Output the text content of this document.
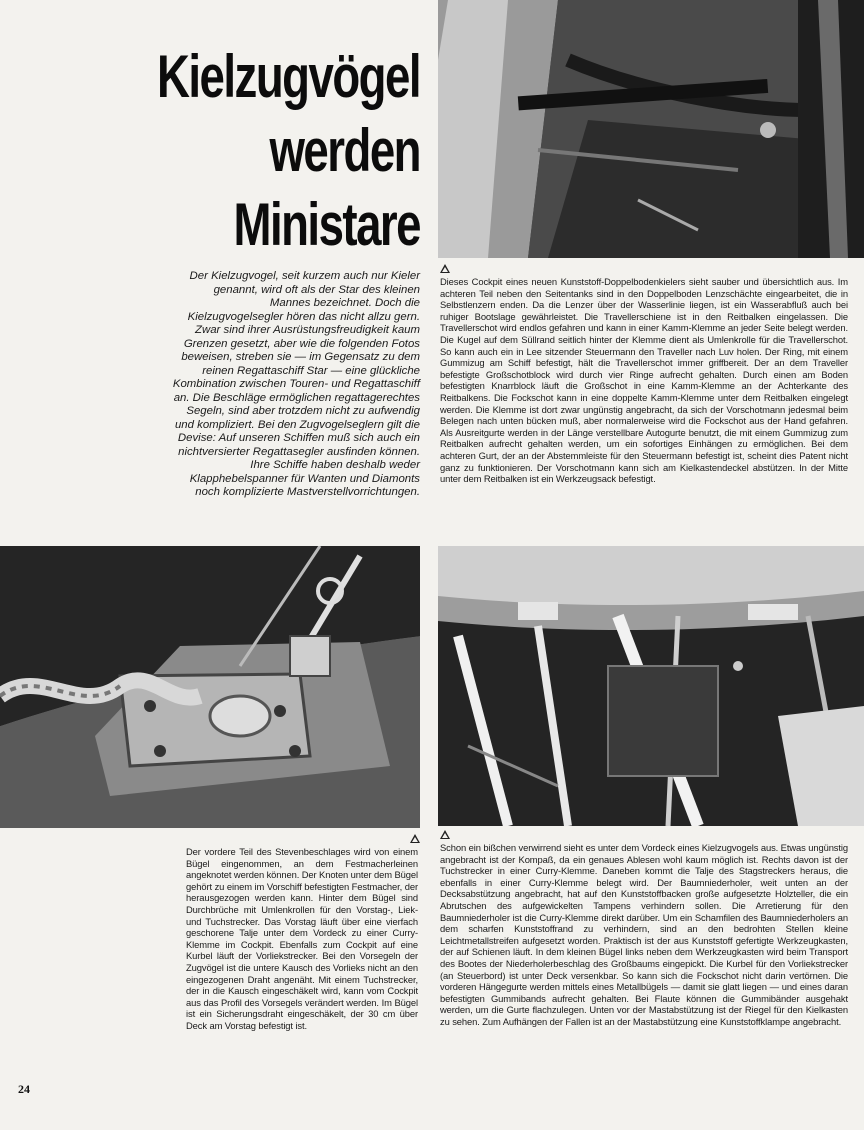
Kielzugvögel
werden
Ministare

Der Kielzugvogel, seit kurzem auch nur Kieler genannt, wird oft als der Star des kleinen Mannes bezeichnet. Doch die Kielzugvogelsegler hören das nicht allzu gern. Zwar sind ihrer Ausrüstungsfreudigkeit kaum Grenzen gesetzt, aber wie die folgenden Fotos beweisen, streben sie — im Gegensatz zu dem reinen Regattaschiff Star — eine glückliche Kombination zwischen Touren- und Regattaschiff an. Die Beschläge ermöglichen regattagerechtes Segeln, sind aber trotzdem nicht zu aufwendig und kompliziert. Bei den Zugvogelseglern gilt die Devise: Auf unseren Schiffen muß sich auch ein nichtversierter Regattasegler ausfinden können. Ihre Schiffe haben deshalb weder Klapphebelspanner für Wanten und Diamonts noch komplizierte Mastverstellvorrichtungen.

Dieses Cockpit eines neuen Kunststoff-Doppelbodenkielers sieht sauber und übersichtlich aus. Im achteren Teil neben den Seitentanks sind in den Doppelboden Lenzschächte eingearbeitet, die in Selbstlenzern enden. Da die Lenzer über der Wasserlinie liegen, ist ein Wasserabfluß auch bei ruhiger Bootslage gewährleistet. Die Travellerschiene ist in den Reitbalken eingelassen. Die Travellerschot wird endlos gefahren und kann in einer Kamm-Klemme an jeder Seite belegt werden. Die Kugel auf dem Süllrand seitlich hinter der Klemme dient als Umlenkrolle für die Travellerschot. So kann auch ein in Lee sitzender Steuermann den Traveller nach Luv holen. Der Ring, mit einem Gummizug am Schiff befestigt, hält die Travellerschot immer griffbereit. Der an dem Traveller befestigte Großschotblock wird durch vier Ringe aufrecht gehalten. Durch einen am Boden befestigten Knarrblock läuft die Großschot in eine Kamm-Klemme an der Achterkante des Reitbalkens. Die Fockschot kann in eine doppelte Kamm-Klemme unter dem Reitbalken eingelegt werden. Die Klemme ist dort zwar ungünstig angebracht, da sich der Vorschotmann jedesmal beim Belegen nach unten bücken muß, aber normalerweise wird die Fockschot aus der Hand gefahren. Als Ausreitgurte werden in der Länge verstellbare Autogurte benutzt, die mit einem Gummizug zum Reitbalken aufrecht gehalten werden, um ein sofortiges Einhängen zu ermöglichen. Bei dem achteren Gurt, der an der Abstemmleiste für den Steuermann befestigt ist, scheint dies Patent nicht ganz zu funktionieren. Der Vorschotmann kann sich am Kielkastendeckel abstützen. In der Mitte unter dem Reitbalken ist ein Werkzeugsack befestigt.

Der vordere Teil des Stevenbeschlages wird von einem Bügel eingenommen, an dem Festmacherleinen angeknotet werden können. Der Knoten unter dem Bügel gehört zu einem im Vorschiff befestigten Festmacher, der herausgezogen werden kann. Hinter dem Bügel sind Durchbrüche mit Umlenkrollen für den Vorstag-, Liek- und Tuchstrecker. Das Vorstag läuft über eine vierfach geschorene Talje unter dem Vordeck zu einer Curry-Klemme im Cockpit. Ebenfalls zum Cockpit auf eine Kurbel läuft der Vorliekstrecker. Bei den Vorsegeln der Zugvögel ist die untere Kausch des Vorlieks nicht an den eingezogenen Draht angenäht. Mit einem Tuchstrecker, der in die Kausch eingeschäkelt wird, kann vom Cockpit aus das Profil des Vorsegels verändert werden. Im Bügel ist ein Sicherungsdraht eingeschäkelt, der 30 cm über Deck am Vorstag befestigt ist.

Schon ein bißchen verwirrend sieht es unter dem Vordeck eines Kielzugvogels aus. Etwas ungünstig angebracht ist der Kompaß, da ein genaues Ablesen wohl kaum möglich ist. Rechts davon ist der Tuchstrecker in einer Curry-Klemme. Daneben kommt die Talje des Stagstreckers heraus, die ebenfalls in einer Curry-Klemme belegt wird. Der Baumniederholer, weit unten an der Decksabstützung angebracht, hat auf den Kunststoffbacken große aufgesetzte Holzteller, die ein Abrutschen des aufgewickelten Tampens verhindern sollen. Die Arretierung für den Baumniederholer ist die Curry-Klemme direkt darüber. Um ein Schamfilen des Baumniederholers an dem scharfen Kunststoffrand zu verhindern, sind an den bedrohten Stellen kleine Leichtmetallstreifen aufgesetzt worden. Praktisch ist der aus Kunststoff gefertigte Werkzeugkasten, der auf Schienen läuft. In dem kleinen Bügel links neben dem Werkzeugkasten wird beim Transport des Bootes der Niederholerbeschlag des Großbaums eingepickt. Die Kurbel für den Vorliekstrecker (an Steuerbord) ist unter Deck versenkbar. So kann sich die Fockschot nicht darin vertörnen. Die vorderen Hängegurte werden mittels eines Metallbügels — damit sie glatt liegen — und eines daran befestigten Gummibands aufrecht gehalten. Bei Flaute können die Gummibänder ausgehakt werden, um die Gurte flachzulegen. Unten vor der Mastabstützung ist der Riegel für den Kielkasten zu sehen. Zum Aufhängen der Fallen ist an der Mastabstützung eine Kunststoffklampe angebracht.

24
